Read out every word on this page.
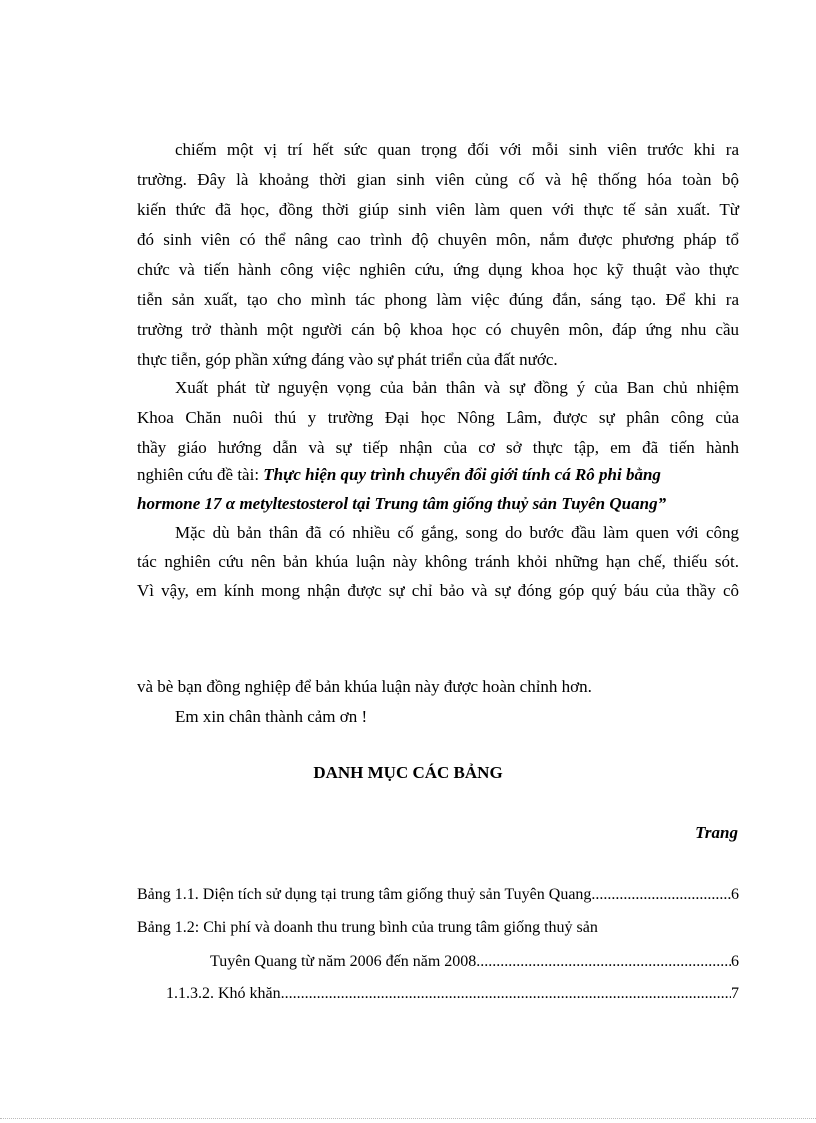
chiếm một vị trí hết sức quan trọng đối với mỗi sinh viên trước khi ra
trường. Đây là khoảng thời gian sinh viên củng cố và hệ thống hóa toàn bộ
kiến thức đã học, đồng thời giúp sinh viên làm quen với thực tế sản xuất. Từ
đó sinh viên có thể nâng cao trình độ chuyên môn, nắm được phương pháp tổ
chức và tiến hành công việc nghiên cứu, ứng dụng khoa học kỹ thuật vào thực
tiễn sản xuất, tạo cho mình tác phong làm việc đúng đắn, sáng tạo. Để khi ra
trường trở thành một người cán bộ khoa học có chuyên môn, đáp ứng nhu cầu
thực tiễn, góp phần xứng đáng vào sự phát triển của đất nước.
Xuất phát từ nguyện vọng của bản thân và sự đồng ý của Ban chủ nhiệm
Khoa Chăn nuôi thú y trường Đại học Nông Lâm, được sự phân công của
thầy giáo hướng dẫn và sự tiếp nhận của cơ sở thực tập, em đã tiến hành
nghiên cứu đề tài: Thực hiện quy trình chuyển đổi giới tính cá Rô phi bằng
hormone 17 α metyltestosterol tại Trung tâm giống thuỷ sản Tuyên Quang”
Mặc dù bản thân đã có nhiều cố gắng, song do bước đầu làm quen với công
tác nghiên cứu nên bản khúa luận này không tránh khỏi những hạn chế, thiếu sót.
Vì vậy, em kính mong nhận được sự chỉ bảo và sự đóng góp quý báu của thầy cô
và bè bạn đồng nghiệp để bản khúa luận này được hoàn chỉnh hơn.
Em xin chân thành cảm ơn !
DANH MỤC CÁC BẢNG
Trang
Bảng 1.1. Diện tích sử dụng tại trung tâm giống thuỷ sản Tuyên Quang .....	6
Bảng 1.2: Chi phí và doanh thu trung bình của trung tâm giống thuỷ sản
Tuyên Quang từ năm 2006 đến năm 2008 .....	6
1.1.3.2. Khó khăn .....	7
